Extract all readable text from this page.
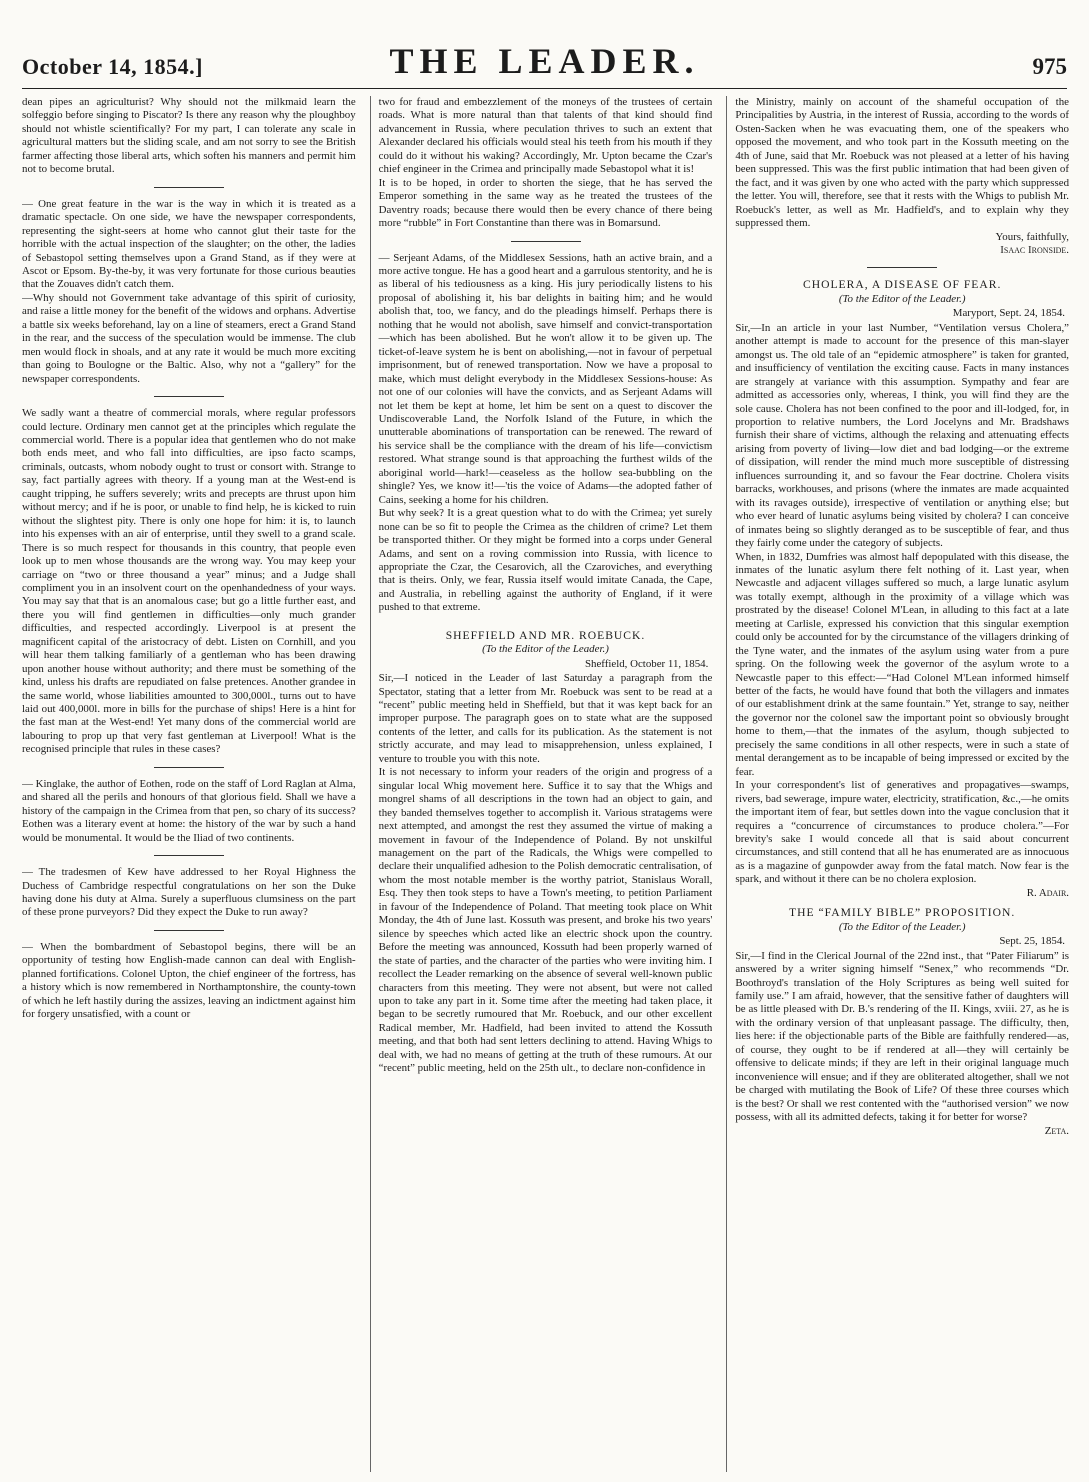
October 14, 1854.]	THE LEADER.	975

dean pipes an agriculturist? Why should not the milkmaid learn the solfeggio before singing to Piscator? Is there any reason why the ploughboy should not whistle scientifically? For my part, I can tolerate any scale in agricultural matters but the sliding scale, and am not sorry to see the British farmer affecting those liberal arts, which soften his manners and permit him not to become brutal.

— One great feature in the war is the way in which it is treated as a dramatic spectacle. On one side, we have the newspaper correspondents, representing the sight-seers at home who cannot glut their taste for the horrible with the actual inspection of the slaughter; on the other, the ladies of Sebastopol setting themselves upon a Grand Stand, as if they were at Ascot or Epsom. By-the-by, it was very fortunate for those curious beauties that the Zouaves didn't catch them.

—Why should not Government take advantage of this spirit of curiosity, and raise a little money for the benefit of the widows and orphans. Advertise a battle six weeks beforehand, lay on a line of steamers, erect a Grand Stand in the rear, and the success of the speculation would be immense. The club men would flock in shoals, and at any rate it would be much more exciting than going to Boulogne or the Baltic. Also, why not a “gallery” for the newspaper correspondents.

We sadly want a theatre of commercial morals, where regular professors could lecture. Ordinary men cannot get at the principles which regulate the commercial world. There is a popular idea that gentlemen who do not make both ends meet, and who fall into difficulties, are ipso facto scamps, criminals, outcasts, whom nobody ought to trust or consort with. Strange to say, fact partially agrees with theory. If a young man at the West-end is caught tripping, he suffers severely; writs and precepts are thrust upon him without mercy; and if he is poor, or unable to find help, he is kicked to ruin without the slightest pity. There is only one hope for him: it is, to launch into his expenses with an air of enterprise, until they swell to a grand scale. There is so much respect for thousands in this country, that people even look up to men whose thousands are the wrong way. You may keep your carriage on “two or three thousand a year” minus; and a Judge shall compliment you in an insolvent court on the openhandedness of your ways. You may say that that is an anomalous case; but go a little further east, and there you will find gentlemen in difficulties—only much grander difficulties, and respected accordingly. Liverpool is at present the magnificent capital of the aristocracy of debt. Listen on Cornhill, and you will hear them talking familiarly of a gentleman who has been drawing upon another house without authority; and there must be something of the kind, unless his drafts are repudiated on false pretences. Another grandee in the same world, whose liabilities amounted to 300,000l., turns out to have laid out 400,000l. more in bills for the purchase of ships! Here is a hint for the fast man at the West-end! Yet many dons of the commercial world are labouring to prop up that very fast gentleman at Liverpool! What is the recognised principle that rules in these cases?

— Kinglake, the author of Eothen, rode on the staff of Lord Raglan at Alma, and shared all the perils and honours of that glorious field. Shall we have a history of the campaign in the Crimea from that pen, so chary of its success? Eothen was a literary event at home: the history of the war by such a hand would be monumental. It would be the Iliad of two continents.

— The tradesmen of Kew have addressed to her Royal Highness the Duchess of Cambridge respectful congratulations on her son the Duke having done his duty at Alma. Surely a superfluous clumsiness on the part of these prone purveyors? Did they expect the Duke to run away?

— When the bombardment of Sebastopol begins, there will be an opportunity of testing how English-made cannon can deal with English-planned fortifications. Colonel Upton, the chief engineer of the fortress, has a history which is now remembered in Northamptonshire, the county-town of which he left hastily during the assizes, leaving an indictment against him for forgery unsatisfied, with a count or

two for fraud and embezzlement of the moneys of the trustees of certain roads. What is more natural than that talents of that kind should find advancement in Russia, where peculation thrives to such an extent that Alexander declared his officials would steal his teeth from his mouth if they could do it without his waking? Accordingly, Mr. Upton became the Czar's chief engineer in the Crimea and principally made Sebastopol what it is!

It is to be hoped, in order to shorten the siege, that he has served the Emperor something in the same way as he treated the trustees of the Daventry roads; because there would then be every chance of there being more “rubble” in Fort Constantine than there was in Bomarsund.

— Serjeant Adams, of the Middlesex Sessions, hath an active brain, and a more active tongue. He has a good heart and a garrulous stentority, and he is as liberal of his tediousness as a king. His jury periodically listens to his proposal of abolishing it, his bar delights in baiting him; and he would abolish that, too, we fancy, and do the pleadings himself. Perhaps there is nothing that he would not abolish, save himself and convict-transportation—which has been abolished. But he won't allow it to be given up. The ticket-of-leave system he is bent on abolishing,—not in favour of perpetual imprisonment, but of renewed transportation. Now we have a proposal to make, which must delight everybody in the Middlesex Sessions-house: As not one of our colonies will have the convicts, and as Serjeant Adams will not let them be kept at home, let him be sent on a quest to discover the Undiscoverable Land, the Norfolk Island of the Future, in which the unutterable abominations of transportation can be renewed. The reward of his service shall be the compliance with the dream of his life—convictism restored. What strange sound is that approaching the furthest wilds of the aboriginal world—hark!—ceaseless as the hollow sea-bubbling on the shingle? Yes, we know it!—'tis the voice of Adams—the adopted father of Cains, seeking a home for his children.

But why seek? It is a great question what to do with the Crimea; yet surely none can be so fit to people the Crimea as the children of crime? Let them be transported thither. Or they might be formed into a corps under General Adams, and sent on a roving commission into Russia, with licence to appropriate the Czar, the Cesarovich, all the Czaroviches, and everything that is theirs. Only, we fear, Russia itself would imitate Canada, the Cape, and Australia, in rebelling against the authority of England, if it were pushed to that extreme.

SHEFFIELD AND MR. ROEBUCK.
(To the Editor of the Leader.)
Sheffield, October 11, 1854.

Sir,—I noticed in the Leader of last Saturday a paragraph from the Spectator, stating that a letter from Mr. Roebuck was sent to be read at a “recent” public meeting held in Sheffield, but that it was kept back for an improper purpose. The paragraph goes on to state what are the supposed contents of the letter, and calls for its publication. As the statement is not strictly accurate, and may lead to misapprehension, unless explained, I venture to trouble you with this note.

It is not necessary to inform your readers of the origin and progress of a singular local Whig movement here. Suffice it to say that the Whigs and mongrel shams of all descriptions in the town had an object to gain, and they banded themselves together to accomplish it. Various stratagems were next attempted, and amongst the rest they assumed the virtue of making a movement in favour of the Independence of Poland. By not unskilful management on the part of the Radicals, the Whigs were compelled to declare their unqualified adhesion to the Polish democratic centralisation, of whom the most notable member is the worthy patriot, Stanislaus Worall, Esq. They then took steps to have a Town's meeting, to petition Parliament in favour of the Independence of Poland. That meeting took place on Whit Monday, the 4th of June last. Kossuth was present, and broke his two years' silence by speeches which acted like an electric shock upon the country. Before the meeting was announced, Kossuth had been properly warned of the state of parties, and the character of the parties who were inviting him. I recollect the Leader remarking on the absence of several well-known public characters from this meeting. They were not absent, but were not called upon to take any part in it. Some time after the meeting had taken place, it began to be secretly rumoured that Mr. Roebuck, and our other excellent Radical member, Mr. Hadfield, had been invited to attend the Kossuth meeting, and that both had sent letters declining to attend. Having Whigs to deal with, we had no means of getting at the truth of these rumours. At our “recent” public meeting, held on the 25th ult., to declare non-confidence in

the Ministry, mainly on account of the shameful occupation of the Principalities by Austria, in the interest of Russia, according to the words of Osten-Sacken when he was evacuating them, one of the speakers who opposed the movement, and who took part in the Kossuth meeting on the 4th of June, said that Mr. Roebuck was not pleased at a letter of his having been suppressed. This was the first public intimation that had been given of the fact, and it was given by one who acted with the party which suppressed the letter. You will, therefore, see that it rests with the Whigs to publish Mr. Roebuck's letter, as well as Mr. Hadfield's, and to explain why they suppressed them.

Yours, faithfully,

Isaac Ironside.

CHOLERA, A DISEASE OF FEAR.
(To the Editor of the Leader.)
Maryport, Sept. 24, 1854.

Sir,—In an article in your last Number, “Ventilation versus Cholera,” another attempt is made to account for the presence of this man-slayer amongst us. The old tale of an “epidemic atmosphere” is taken for granted, and insufficiency of ventilation the exciting cause. Facts in many instances are strangely at variance with this assumption. Sympathy and fear are admitted as accessories only, whereas, I think, you will find they are the sole cause. Cholera has not been confined to the poor and ill-lodged, for, in proportion to relative numbers, the Lord Jocelyns and Mr. Bradshaws furnish their share of victims, although the relaxing and attenuating effects arising from poverty of living—low diet and bad lodging—or the extreme of dissipation, will render the mind much more susceptible of distressing influences surrounding it, and so favour the Fear doctrine. Cholera visits barracks, workhouses, and prisons (where the inmates are made acquainted with its ravages outside), irrespective of ventilation or anything else; but who ever heard of lunatic asylums being visited by cholera? I can conceive of inmates being so slightly deranged as to be susceptible of fear, and thus they fairly come under the category of subjects.

When, in 1832, Dumfries was almost half depopulated with this disease, the inmates of the lunatic asylum there felt nothing of it. Last year, when Newcastle and adjacent villages suffered so much, a large lunatic asylum was totally exempt, although in the proximity of a village which was prostrated by the disease! Colonel M'Lean, in alluding to this fact at a late meeting at Carlisle, expressed his conviction that this singular exemption could only be accounted for by the circumstance of the villagers drinking of the Tyne water, and the inmates of the asylum using water from a pure spring. On the following week the governor of the asylum wrote to a Newcastle paper to this effect:—“Had Colonel M'Lean informed himself better of the facts, he would have found that both the villagers and inmates of our establishment drink at the same fountain.” Yet, strange to say, neither the governor nor the colonel saw the important point so obviously brought home to them,—that the inmates of the asylum, though subjected to precisely the same conditions in all other respects, were in such a state of mental derangement as to be incapable of being impressed or excited by the fear.

In your correspondent's list of generatives and propagatives—swamps, rivers, bad sewerage, impure water, electricity, stratification, &c.,—he omits the important item of fear, but settles down into the vague conclusion that it requires a “concurrence of circumstances to produce cholera.”—For brevity's sake I would concede all that is said about concurrent circumstances, and still contend that all he has enumerated are as innocuous as is a magazine of gunpowder away from the fatal match. Now fear is the spark, and without it there can be no cholera explosion.

R. Adair.

THE “FAMILY BIBLE” PROPOSITION.
(To the Editor of the Leader.)
Sept. 25, 1854.

Sir,—I find in the Clerical Journal of the 22nd inst., that “Pater Filiarum” is answered by a writer signing himself “Senex,” who recommends “Dr. Boothroyd's translation of the Holy Scriptures as being well suited for family use.” I am afraid, however, that the sensitive father of daughters will be as little pleased with Dr. B.'s rendering of the II. Kings, xviii. 27, as he is with the ordinary version of that unpleasant passage. The difficulty, then, lies here: if the objectionable parts of the Bible are faithfully rendered—as, of course, they ought to be if rendered at all—they will certainly be offensive to delicate minds; if they are left in their original language much inconvenience will ensue; and if they are obliterated altogether, shall we not be charged with mutilating the Book of Life? Of these three courses which is the best? Or shall we rest contented with the “authorised version” we now possess, with all its admitted defects, taking it for better for worse?

Zeta.
